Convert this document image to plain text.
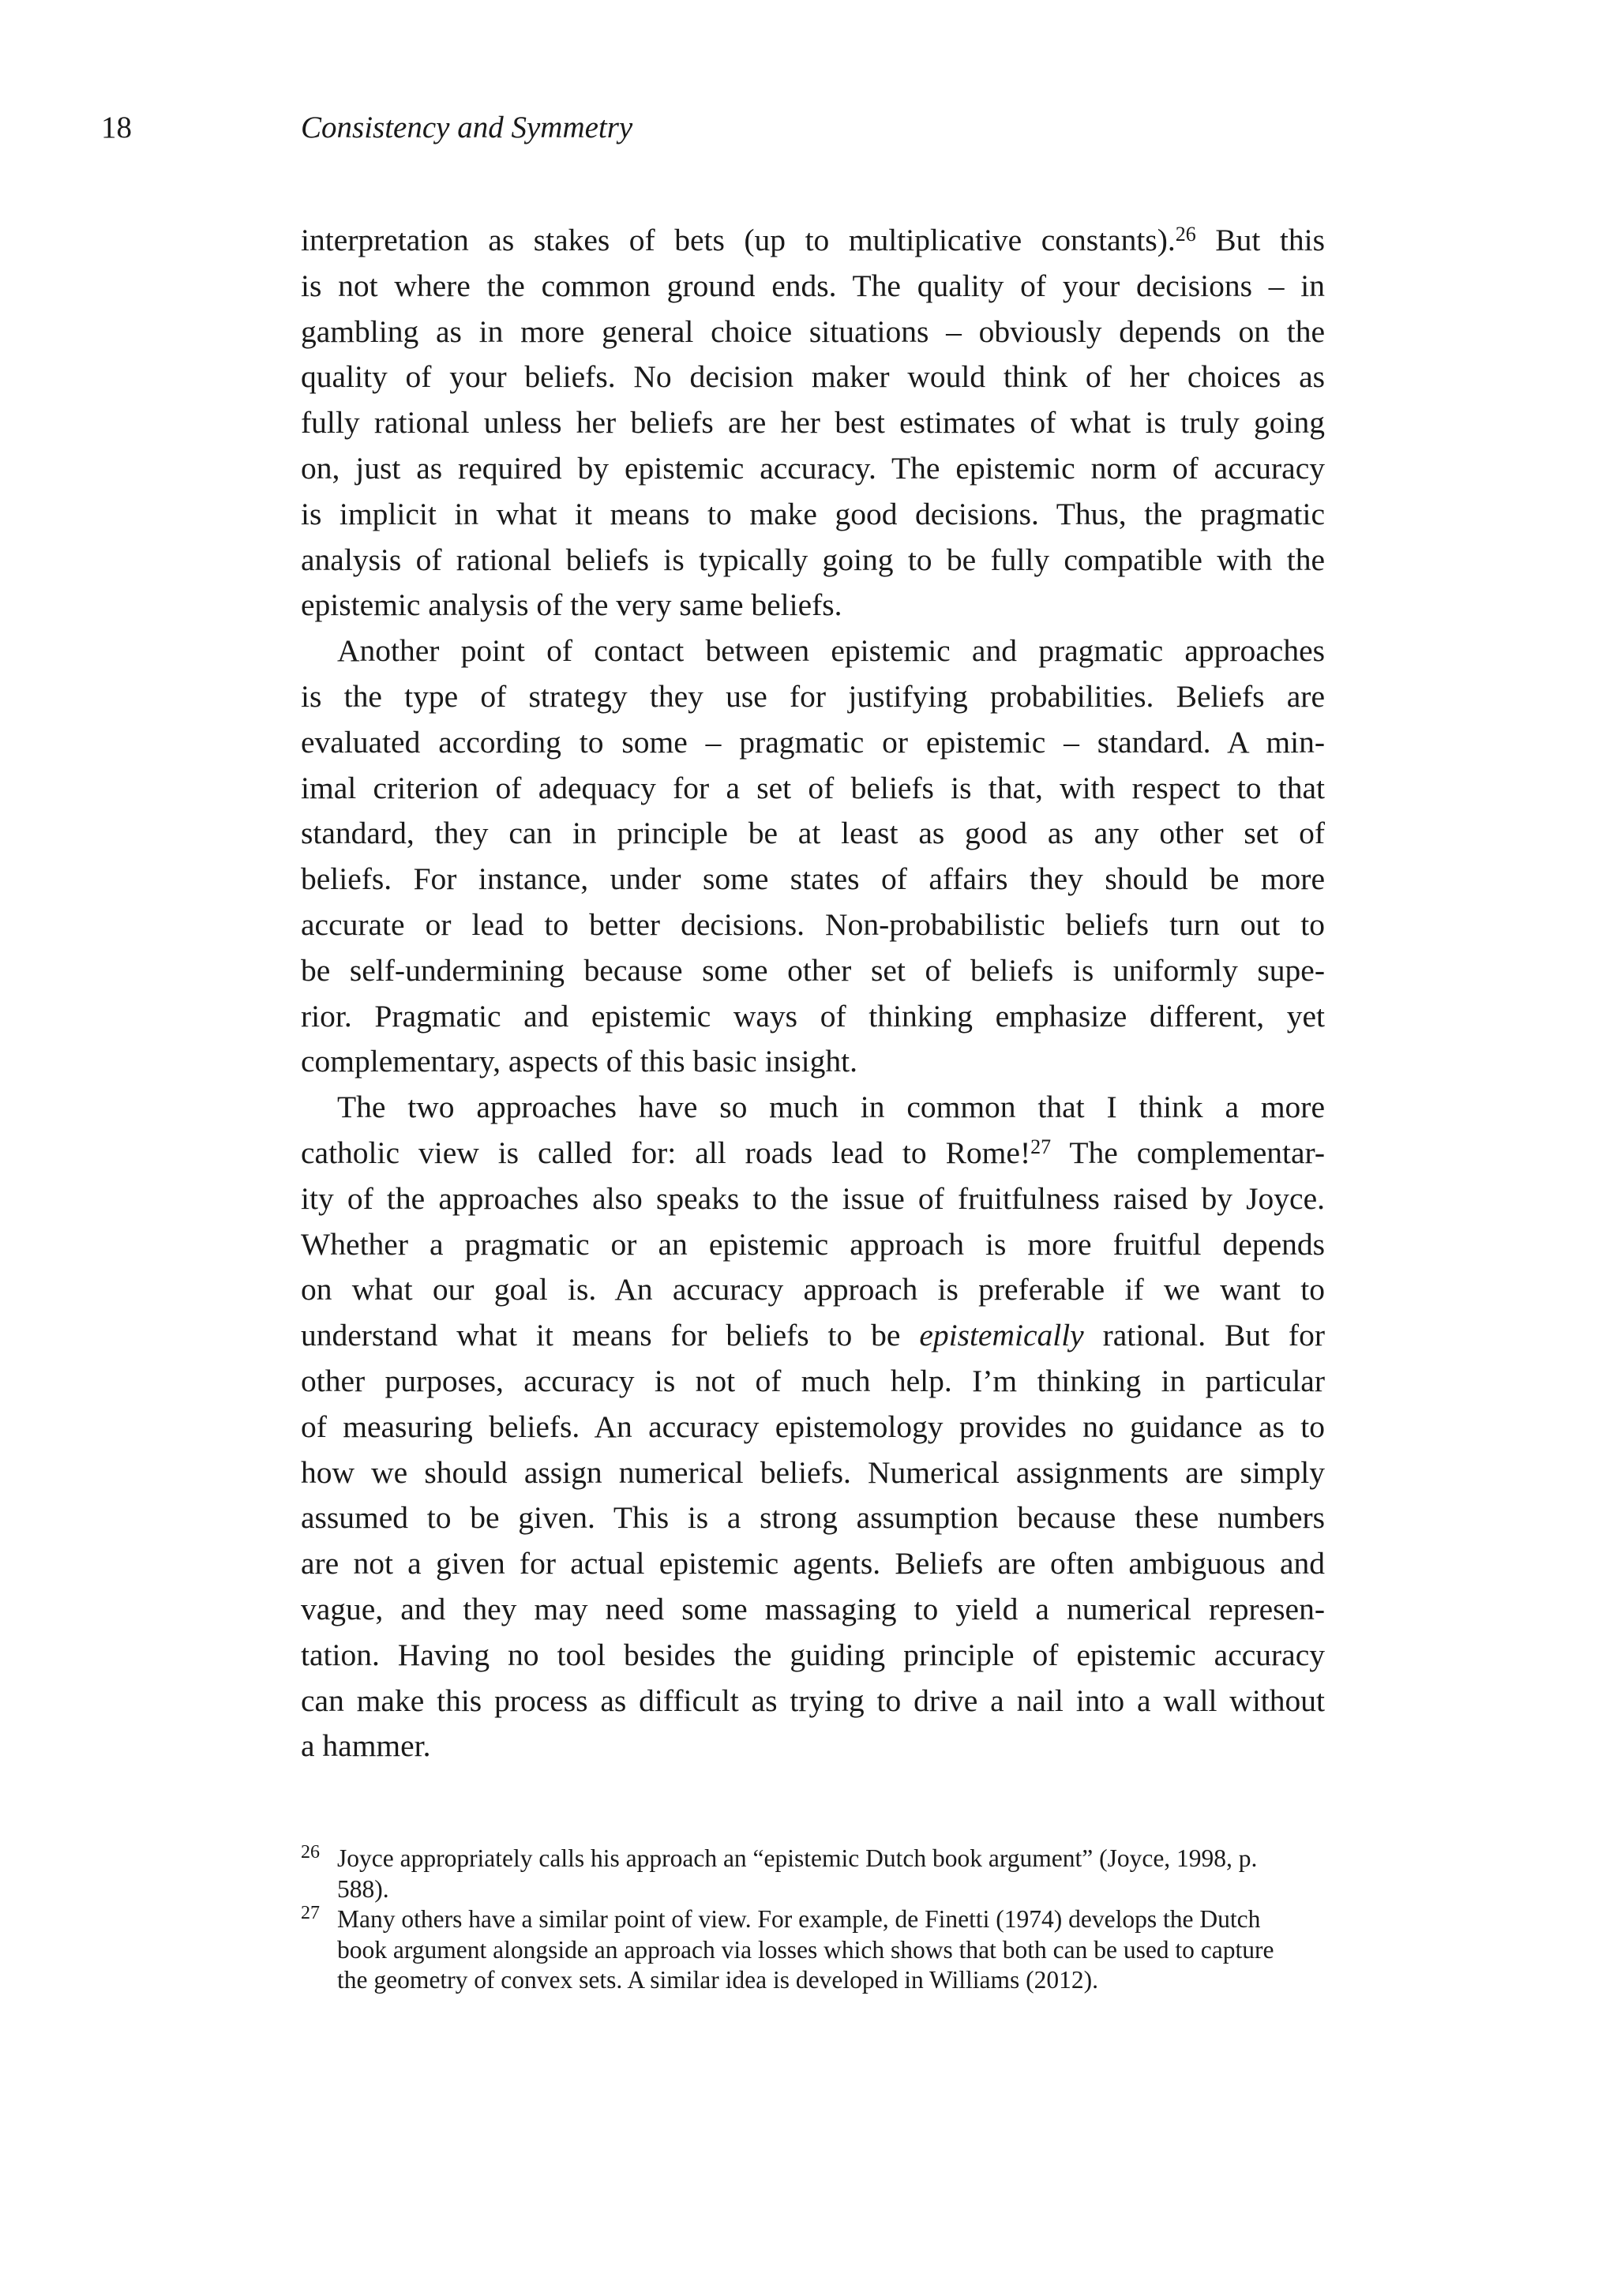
18	Consistency and Symmetry
interpretation as stakes of bets (up to multiplicative constants).$^{26}$ But this
is not where the common ground ends. The quality of your decisions – in
gambling as in more general choice situations – obviously depends on the
quality of your beliefs. No decision maker would think of her choices as
fully rational unless her beliefs are her best estimates of what is truly going
on, just as required by epistemic accuracy. The epistemic norm of accuracy
is implicit in what it means to make good decisions. Thus, the pragmatic
analysis of rational beliefs is typically going to be fully compatible with the
epistemic analysis of the very same beliefs.
Another point of contact between epistemic and pragmatic approaches
is the type of strategy they use for justifying probabilities. Beliefs are
evaluated according to some – pragmatic or epistemic – standard. A min-
imal criterion of adequacy for a set of beliefs is that, with respect to that
standard, they can in principle be at least as good as any other set of
beliefs. For instance, under some states of affairs they should be more
accurate or lead to better decisions. Non-probabilistic beliefs turn out to
be self-undermining because some other set of beliefs is uniformly supe-
rior. Pragmatic and epistemic ways of thinking emphasize different, yet
complementary, aspects of this basic insight.
The two approaches have so much in common that I think a more
catholic view is called for: all roads lead to Rome!$^{27}$ The complementar-
ity of the approaches also speaks to the issue of fruitfulness raised by Joyce.
Whether a pragmatic or an epistemic approach is more fruitful depends
on what our goal is. An accuracy approach is preferable if we want to
understand what it means for beliefs to be epistemically rational. But for
other purposes, accuracy is not of much help. I’m thinking in particular
of measuring beliefs. An accuracy epistemology provides no guidance as to
how we should assign numerical beliefs. Numerical assignments are simply
assumed to be given. This is a strong assumption because these numbers
are not a given for actual epistemic agents. Beliefs are often ambiguous and
vague, and they may need some massaging to yield a numerical represen-
tation. Having no tool besides the guiding principle of epistemic accuracy
can make this process as difficult as trying to drive a nail into a wall without
a hammer.
26 Joyce appropriately calls his approach an “epistemic Dutch book argument” (Joyce, 1998, p.
588).
27 Many others have a similar point of view. For example, de Finetti (1974) develops the Dutch
book argument alongside an approach via losses which shows that both can be used to capture
the geometry of convex sets. A similar idea is developed in Williams (2012).
